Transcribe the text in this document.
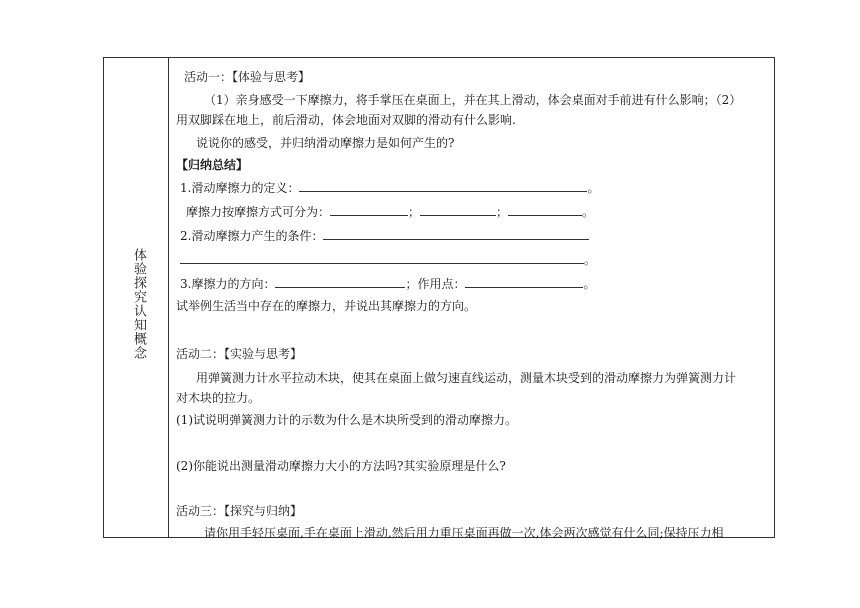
体验探究认知概念
活动一：【体验与思考】
（1）亲身感受一下摩擦力，将手掌压在桌面上，并在其上滑动，体会桌面对手前进有什么影响；（2）
用双脚踩在地上，前后滑动，体会地面对双脚的滑动有什么影响.
说说你的感受，并归纳滑动摩擦力是如何产生的?
【归纳总结】
1.滑动摩擦力的定义：	。
摩擦力按摩擦方式可分为：	；	；	。
2.滑动摩擦力产生的条件：
。
3.摩擦力的方向：	；作用点：	。
试举例生活当中存在的摩擦力，并说出其摩擦力的方向。
活动二：【实验与思考】
用弹簧测力计水平拉动木块，使其在桌面上做匀速直线运动，测量木块受到的滑动摩擦力为弹簧测力计
对木块的拉力。
(1)试说明弹簧测力计的示数为什么是木块所受到的滑动摩擦力。
(2)你能说出测量滑动摩擦力大小的方法吗?其实验原理是什么?
活动三：【探究与归纳】
请你用手轻压桌面,手在桌面上滑动,然后用力重压桌面再做一次,体会两次感觉有什么同;保持压力相
